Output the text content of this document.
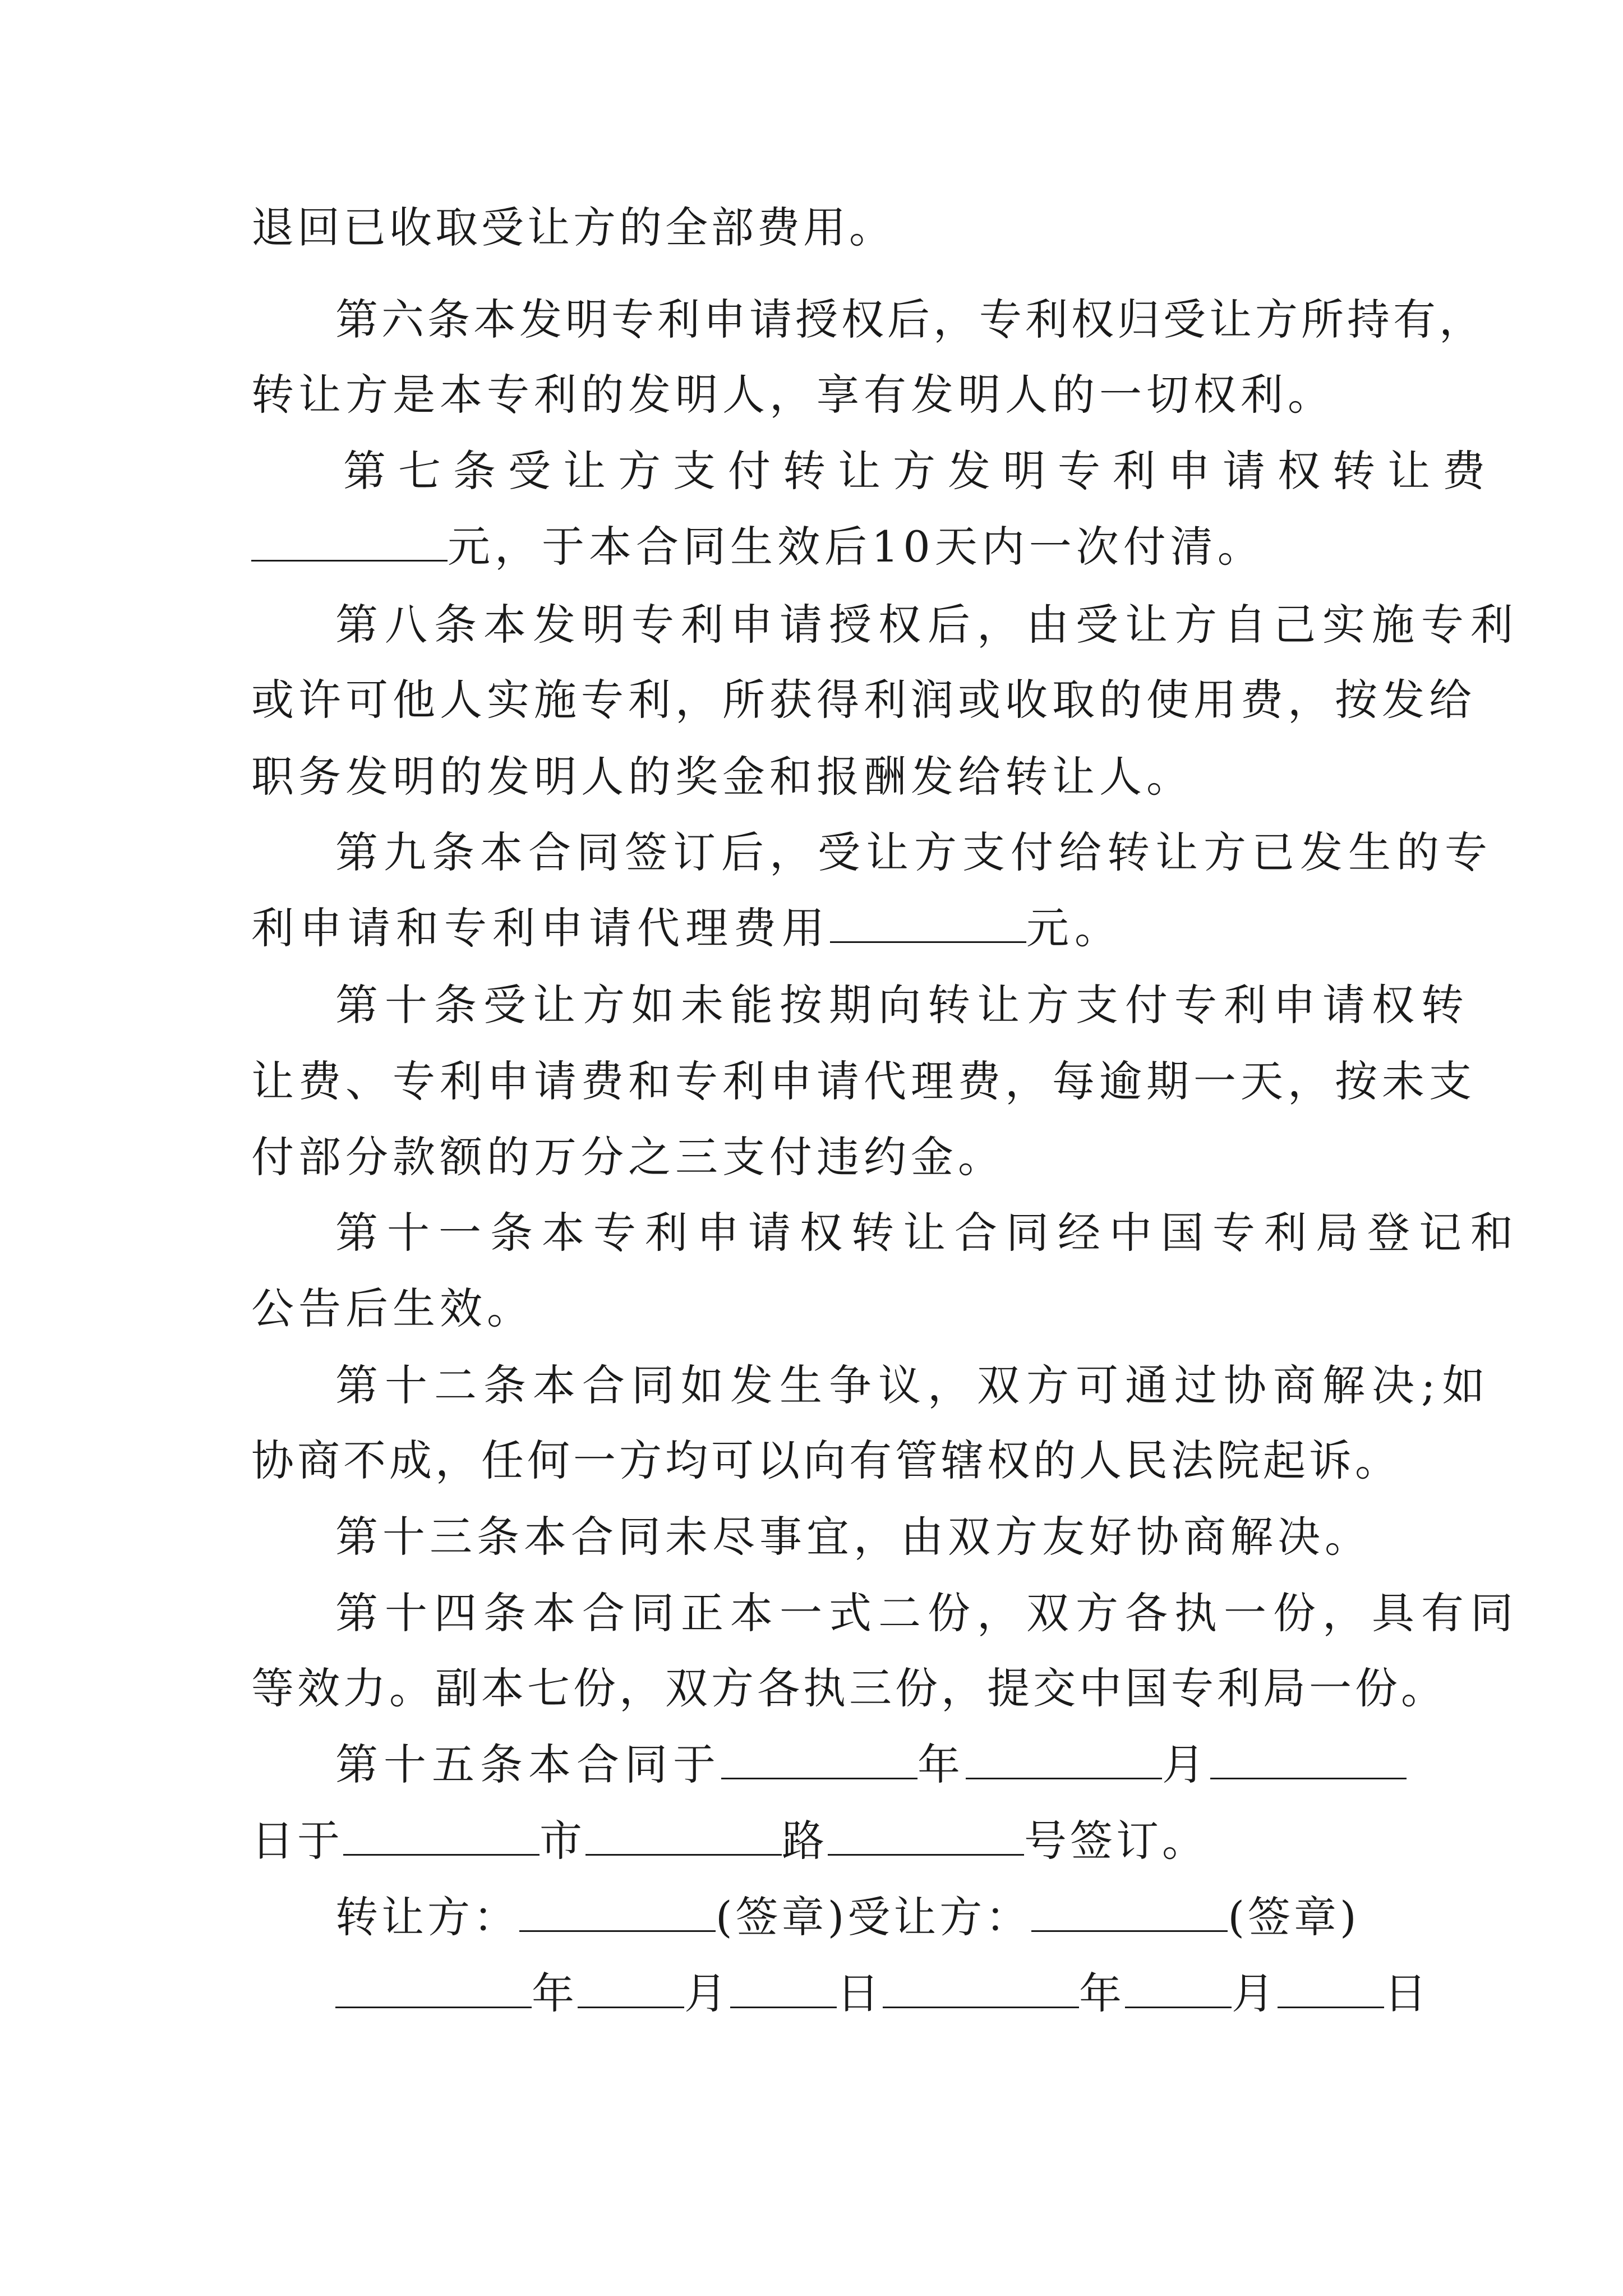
退回已收取受让方的全部费用。
第六条本发明专利申请授权后，专利权归受让方所持有，
转让方是本专利的发明人，享有发明人的一切权利。
第七条受让方支付转让方发明专利申请权转让费
元，于本合同生效后10天内一次付清。
第八条本发明专利申请授权后，由受让方自己实施专利
或许可他人实施专利，所获得利润或收取的使用费，按发给
职务发明的发明人的奖金和报酬发给转让人。
第九条本合同签订后，受让方支付给转让方已发生的专
利申请和专利申请代理费用	元。
第十条受让方如未能按期向转让方支付专利申请权转
让费、专利申请费和专利申请代理费，每逾期一天，按未支
付部分款额的万分之三支付违约金。
第十一条本专利申请权转让合同经中国专利局登记和
公告后生效。
第十二条本合同如发生争议，双方可通过协商解决;如
协商不成，任何一方均可以向有管辖权的人民法院起诉。
第十三条本合同未尽事宜，由双方友好协商解决。
第十四条本合同正本一式二份，双方各执一份，具有同
等效力。副本七份，双方各执三份，提交中国专利局一份。
第十五条本合同于	年	月
日于	市	路	号签订。
转让方：	(签章)受让方：	(签章)
年	月	日	年	月	日
